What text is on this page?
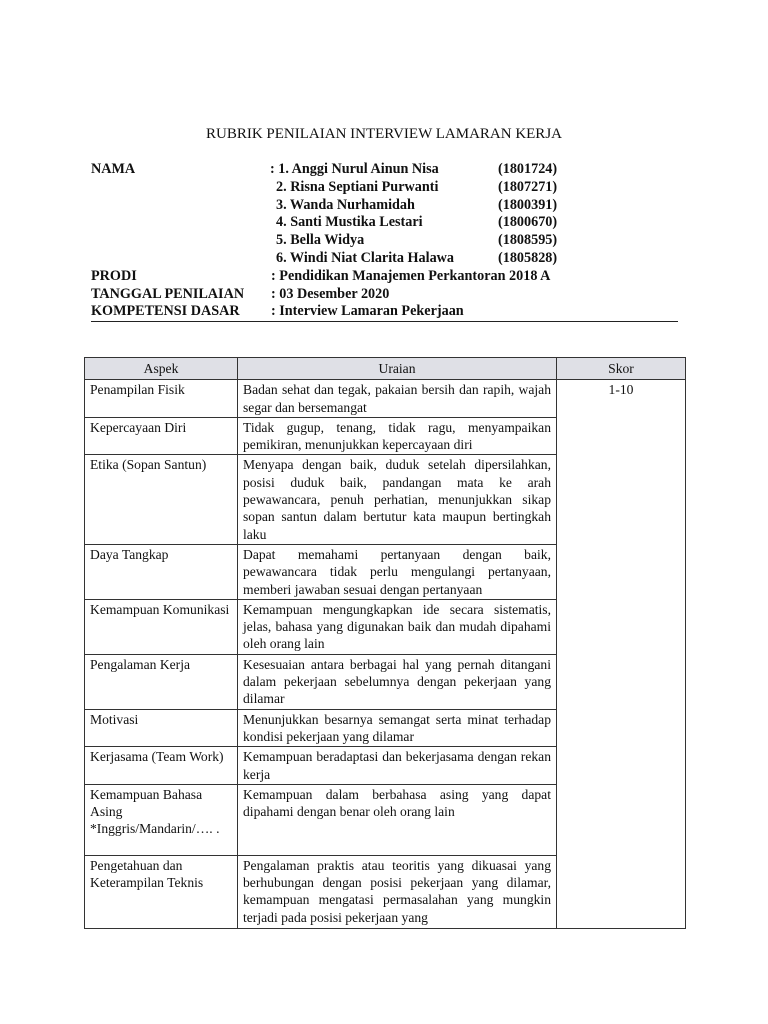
RUBRIK PENILAIAN INTERVIEW LAMARAN KERJA
NAMA	: 1. Anggi Nurul Ainun Nisa	(1801724)
2. Risna Septiani Purwanti	(1807271)
3. Wanda Nurhamidah	(1800391)
4. Santi Mustika Lestari	(1800670)
5. Bella Widya	(1808595)
6. Windi Niat Clarita Halawa	(1805828)
PRODI	: Pendidikan Manajemen Perkantoran 2018 A
TANGGAL PENILAIAN : 03 Desember 2020
KOMPETENSI DASAR : Interview Lamaran Pekerjaan
Aspek	Uraian	Skor
Penampilan Fisik	Badan sehat dan tegak, pakaian bersih dan rapih, wajah segar dan bersemangat	1-10
Kepercayaan Diri	Tidak gugup, tenang, tidak ragu, menyampaikan pemikiran, menunjukkan kepercayaan diri	
Etika (Sopan Santun)	Menyapa dengan baik, duduk setelah dipersilahkan, posisi duduk baik, pandangan mata ke arah pewawancara, penuh perhatian, menunjukkan sikap sopan santun dalam bertutur kata maupun bertingkah laku	
Daya Tangkap	Dapat memahami pertanyaan dengan baik, pewawancara tidak perlu mengulangi pertanyaan, memberi jawaban sesuai dengan pertanyaan	
Kemampuan Komunikasi	Kemampuan mengungkapkan ide secara sistematis, jelas, bahasa yang digunakan baik dan mudah dipahami oleh orang lain	
Pengalaman Kerja	Kesesuaian antara berbagai hal yang pernah ditangani dalam pekerjaan sebelumnya dengan pekerjaan yang dilamar	
Motivasi	Menunjukkan besarnya semangat serta minat terhadap kondisi pekerjaan yang dilamar	
Kerjasama (Team Work)	Kemampuan beradaptasi dan bekerjasama dengan rekan kerja	
Kemampuan Bahasa Asing *Inggris/Mandarin/…. .	Kemampuan dalam berbahasa asing yang dapat dipahami dengan benar oleh orang lain	

Pengetahuan dan Keterampilan Teknis	Pengalaman praktis atau teoritis yang dikuasai yang berhubungan dengan posisi pekerjaan yang dilamar, kemampuan mengatasi permasalahan yang mungkin terjadi pada posisi pekerjaan yang	
